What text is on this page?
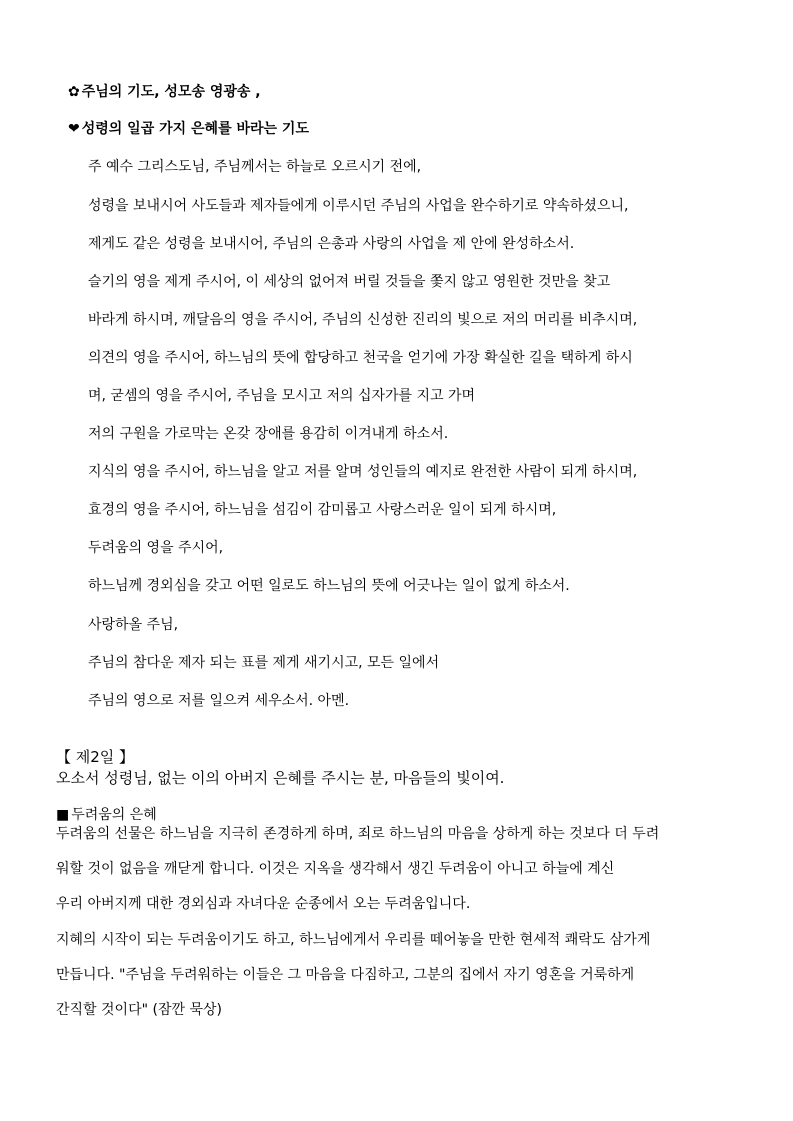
✿ 주님의 기도, 성모송 영광송 ,
❤ 성령의 일곱 가지 은혜를 바라는 기도
주 예수 그리스도님, 주님께서는 하늘로 오르시기 전에,
성령을 보내시어 사도들과 제자들에게 이루시던 주님의 사업을 완수하기로 약속하셨으니,
제게도 같은 성령을 보내시어, 주님의 은총과 사랑의 사업을 제 안에 완성하소서.
슬기의 영을 제게 주시어, 이 세상의 없어져 버릴 것들을 쫓지 않고 영원한 것만을 찾고
바라게 하시며, 깨달음의 영을 주시어, 주님의 신성한 진리의 빛으로 저의 머리를 비추시며,
의견의 영을 주시어, 하느님의 뜻에 합당하고 천국을 얻기에 가장 확실한 길을 택하게 하시
며, 굳셈의 영을 주시어, 주님을 모시고 저의 십자가를 지고 가며
저의 구원을 가로막는 온갖 장애를 용감히 이겨내게 하소서.
지식의 영을 주시어, 하느님을 알고 저를 알며 성인들의 예지로 완전한 사람이 되게 하시며,
효경의 영을 주시어, 하느님을 섬김이 감미롭고 사랑스러운 일이 되게 하시며,
두려움의 영을 주시어,
하느님께 경외심을 갖고 어떤 일로도 하느님의 뜻에 어긋나는 일이 없게 하소서.
사랑하올 주님,
주님의 참다운 제자 되는 표를 제게 새기시고, 모든 일에서
주님의 영으로 저를 일으켜 세우소서. 아멘.
【 제2일 】
오소서 성령님, 없는 이의 아버지 은혜를 주시는 분, 마음들의 빛이여.
■ 두려움의 은혜
두려움의 선물은 하느님을 지극히 존경하게 하며, 죄로 하느님의 마음을 상하게 하는 것보다 더 두려
워할 것이 없음을 깨닫게 합니다. 이것은 지옥을 생각해서 생긴 두려움이 아니고 하늘에 계신
우리 아버지께 대한 경외심과 자녀다운 순종에서 오는 두려움입니다.
지혜의 시작이 되는 두려움이기도 하고, 하느님에게서 우리를 떼어놓을 만한 현세적 쾌락도 삼가게
만듭니다. "주님을 두려워하는 이들은 그 마음을 다짐하고, 그분의 집에서 자기 영혼을 거룩하게
간직할 것이다" (잠깐 묵상)
